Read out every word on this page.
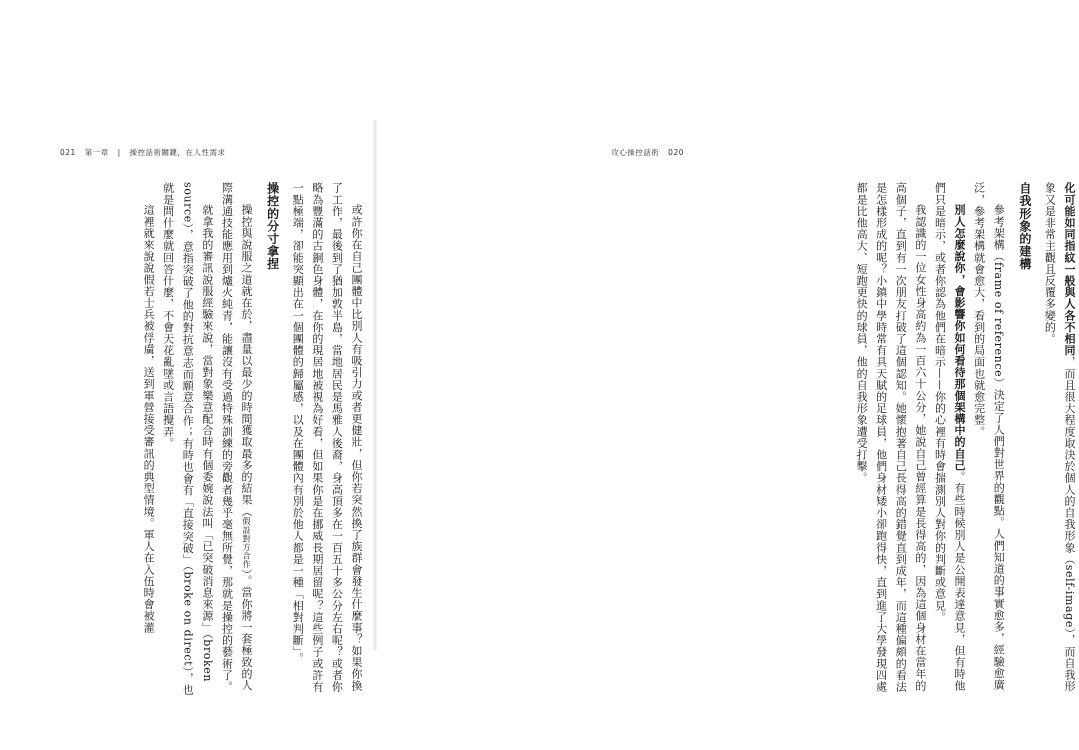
021 第一章 | 操控話術關鍵，在人性需求

或許你在自己團體中比別人有吸引力或者更健壯，但你若突然換了族群會發生什麼事？如果你換了工作，最後到了猶加敦半島，當地居民是馬雅人後裔，身高頂多在一百五十多公分左右呢？或者你略為豐滿的古銅色身體，在你的現居地被視為好看，但如果你是在挪威長期居留呢？這些例子或許有一點極端，卻能突顯出在一個團體的歸屬感，以及在團體內有別於他人都是一種「相對判斷」。

操控的分寸拿捏

操控與說服之道就在於，盡量以最少的時間獲取最多的結果（假設對方合作）。當你將一套極致的人際溝通技能應用到爐火純青，能讓沒有受過特殊訓練的旁觀者幾乎毫無所覺，那就是操控的藝術了。

就拿我的審訊說服經驗來說，當對象樂意配合時有個委婉說法叫「已突破消息來源」（broken source），意指突破了他的對抗意志而願意合作；有時也會有「直接突破」（broke on direct），也就是問什麼就回答什麼，不會天花亂墜或言語攪弄。

這裡就來說說假若士兵被俘虜，送到軍營接受審訊的典型情境。軍人在入伍時會被灌

攻心操控話術 020

化可能如同指紋一般與人各不相同，而且很大程度取決於個人的自我形象（self-image），而自我形象又是非常主觀且反覆多變的。

自我形象的建構

參考架構（frame of reference）決定了人們對世界的觀點。人們知道的事實愈多，經驗愈廣泛，參考架構就會愈大，看到的局面也就愈完整。

別人怎麼說你，會影響你如何看待那個架構中的自己。有些時候別人是公開表達意見，但有時他們只是暗示，或者你認為他們在暗示——你的心裡有時會揣測別人對你的判斷或意見。

我認識的一位女性身高約為一百六十公分，她說自己曾經算是長得高的，因為這個身材在當年的高個子，直到有一次朋友打破了這個認知。她懷抱著自己長得高的錯覺直到成年，而這種偏頗的看法是怎樣形成的呢？小鎮中學時常有具天賦的足球員，他們身材矮小卻跑得快，直到進了大學發現四處都是比他高大、短跑更快的球員，他的自我形象遭受打擊。
